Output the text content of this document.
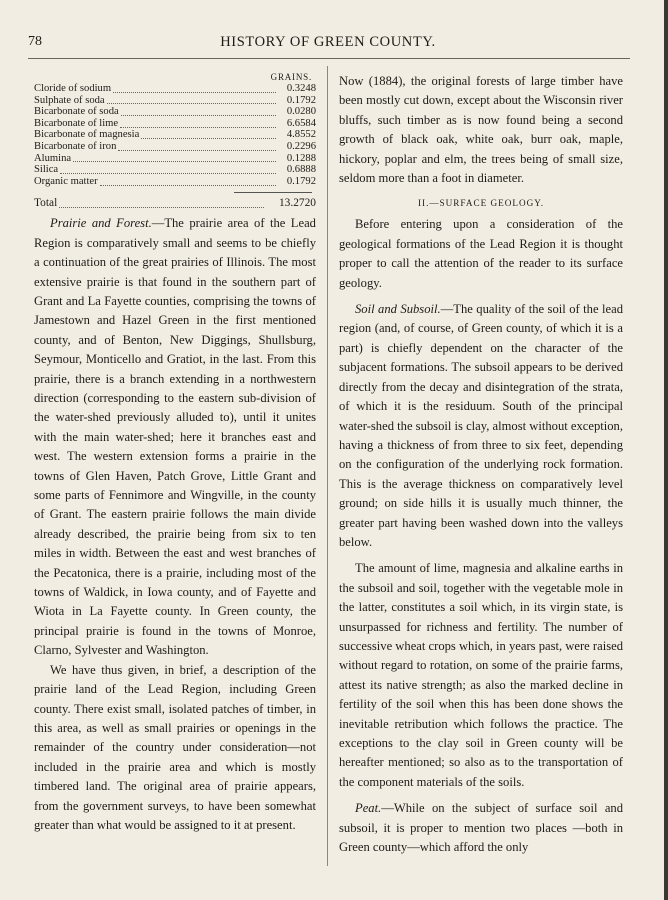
78	HISTORY OF GREEN COUNTY.
GRAINS.
Cloride of sodium	0.3248
Sulphate of soda	0.1792
Bicarbonate of soda	0.0280
Bicarbonate of lime	6.6584
Bicarbonate of magnesia	4.8552
Bicarbonate of iron	0.2296
Alumina	0.1288
Silica	0.6888
Organic matter	0.1792
Total	13.2720

Prairie and Forest.—The prairie area of the Lead Region is comparatively small and seems to be chiefly a continuation of the great prairies of Illinois. The most extensive prairie is that found in the southern part of Grant and La Fayette counties, comprising the towns of Jamestown and Hazel Green in the first mentioned county, and of Benton, New Diggings, Shullsburg, Seymour, Monticello and Gratiot, in the last. From this prairie, there is a branch extending in a northwestern direction (corresponding to the eastern sub-division of the water-shed previously alluded to), until it unites with the main water-shed; here it branches east and west. The western extension forms a prairie in the towns of Glen Haven, Patch Grove, Little Grant and some parts of Fennimore and Wingville, in the county of Grant. The eastern prairie follows the main divide already described, the prairie being from six to ten miles in width. Between the east and west branches of the Pecatonica, there is a prairie, including most of the towns of Waldick, in Iowa county, and of Fayette and Wiota in La Fayette county. In Green county, the principal prairie is found in the towns of Monroe, Clarno, Sylvester and Washington.

We have thus given, in brief, a description of the prairie land of the Lead Region, including Green county. There exist small, isolated patches of timber, in this area, as well as small prairies or openings in the remainder of the country under consideration—not included in the prairie area and which is mostly timbered land. The original area of prairie appears, from the government surveys, to have been somewhat greater than what would be assigned to it at present.

Now (1884), the original forests of large timber have been mostly cut down, except about the Wisconsin river bluffs, such timber as is now found being a second growth of black oak, white oak, burr oak, maple, hickory, poplar and elm, the trees being of small size, seldom more than a foot in diameter.

II.—SURFACE GEOLOGY.

Before entering upon a consideration of the geological formations of the Lead Region it is thought proper to call the attention of the reader to its surface geology.

Soil and Subsoil.—The quality of the soil of the lead region (and, of course, of Green county, of which it is a part) is chiefly dependent on the character of the subjacent formations. The subsoil appears to be derived directly from the decay and disintegration of the strata, of which it is the residuum. South of the principal water-shed the subsoil is clay, almost without exception, having a thickness of from three to six feet, depending on the configuration of the underlying rock formation. This is the average thickness on comparatively level ground; on side hills it is usually much thinner, the greater part having been washed down into the valleys below.

The amount of lime, magnesia and alkaline earths in the subsoil and soil, together with the vegetable mole in the latter, constitutes a soil which, in its virgin state, is unsurpassed for richness and fertility. The number of successive wheat crops which, in years past, were raised without regard to rotation, on some of the prairie farms, attest its native strength; as also the marked decline in fertility of the soil when this has been done shows the inevitable retribution which follows the practice. The exceptions to the clay soil in Green county will be hereafter mentioned; so also as to the transportation of the component materials of the soils.

Peat.—While on the subject of surface soil and subsoil, it is proper to mention two places —both in Green county—which afford the only
